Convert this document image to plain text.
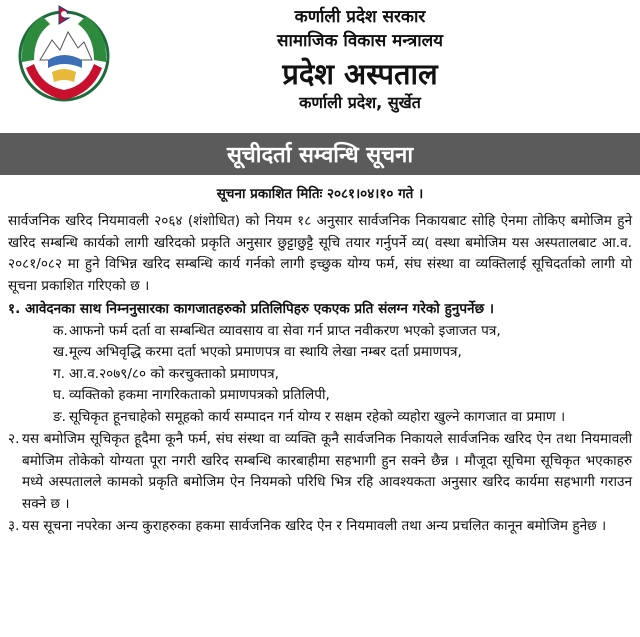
कर्णाली प्रदेश सरकार
सामाजिक विकास मन्त्रालय
प्रदेश अस्पताल
कर्णाली प्रदेश, सुर्खेत
सूचीदर्ता सम्वन्धि सूचना
सूचना प्रकाशित मितिः २०८१।०४।१० गते ।

सार्वजनिक खरिद नियमावली २०६४ (शंशोधित) को नियम १८ अनुसार सार्वजनिक निकायबाट सोहि ऐनमा तोकिए बमोजिम हुने खरिद सम्बन्धि कार्यको लागी खरिदको प्रकृति अनुसार छुट्टाछुट्टै सूचि तयार गर्नुपर्ने व्य( वस्था बमोजिम यस अस्पतालबाट आ.व. २०८१/०८२ मा हुने विभिन्न खरिद सम्बन्धि कार्य गर्नको लागी इच्छुक योग्य फर्म, संघ संस्था वा व्यक्तिलाई सूचिदर्ताको लागी यो सूचना प्रकाशित गरिएको छ ।

१. आवेदनका साथ निम्ननुसारका कागजातहरुको प्रतिलिपिहरु एकएक प्रति संलग्न गरेको हुनुपर्नेछ ।
क. आफनो फर्म दर्ता वा सम्बन्धित व्यावसाय वा सेवा गर्न प्राप्त नवीकरण भएको इजाजत पत्र,
ख. मूल्य अभिवृद्धि करमा दर्ता भएको प्रमाणपत्र वा स्थायि लेखा नम्बर दर्ता प्रमाणपत्र,
ग. आ.व.२०७९/८० को करचुक्ताको प्रमाणपत्र,
घ. व्यक्तिको हकमा नागरिकताको प्रमाणपत्रको प्रतिलिपी,
ङ. सूचिकृत हूनचाहेको समूहको कार्य सम्पादन गर्न योग्य र सक्षम रहेको व्यहोरा खुल्ने कागजात वा प्रमाण ।
२. यस बमोजिम सूचिकृत हूदैमा कूनै फर्म, संघ संस्था वा व्यक्ति कूनै सार्वजनिक निकायले सार्वजनिक खरिद ऐन तथा नियमावली बमोजिम तोकेको योग्यता पूरा नगरी खरिद सम्बन्धि कारबाहीमा सहभागी हुन सक्ने छैन्न । मौजूदा सूचिमा सूचिकृत भएकाहरु मध्ये अस्पतालले कामको प्रकृति बमोजिम ऐन नियमको परिधि भित्र रहि आवश्यकता अनुसार खरिद कार्यमा सहभागी गराउन सक्ने छ ।
३. यस सूचना नपरेका अन्य कुराहरुका हकमा सार्वजनिक खरिद ऐन र नियमावली तथा अन्य प्रचलित कानून बमोजिम हुनेछ ।
